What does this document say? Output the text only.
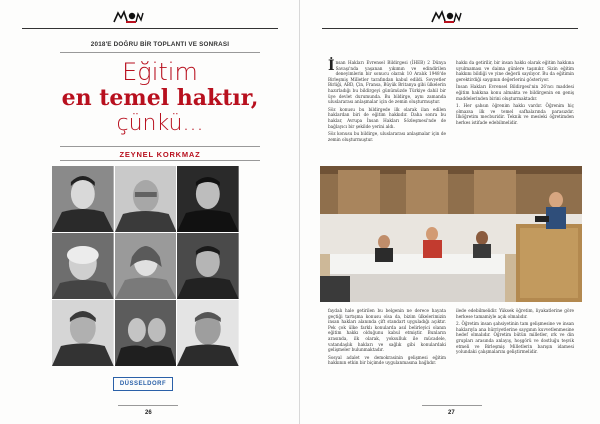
2018'E DOĞRU BİR TOPLANTI VE SONRASI
Eğitim
en temel haktır,
çünkü...
ZEYNEL KORKMAZ
DÜSSELDORF
26

İnsan Hakları Evrensel Bildirgesi (İHEB) 2 Dünya Savaşı'nda yaşanan yıkımın ve edindirilen deneyimlerin bir sonucu olarak 10 Aralık 1948'de Birleşmiş Milletler tarafından kabul edildi. Sovyetler Birliği, ABD, Çin, Fransa, Büyük Britanya gibi ülkelerin hazırladığı bu bildirgeyi günümüzde Türkiye dahil bir üye devlet durumunda. Bu bildirge, aynı zamanda uluslararası anlaşmalar için de zemin oluşturmuştur.

Söz konusu bu bildirgede ilk olarak ilan edilen haklardan biri de eğitim hakkıdır. Daha sonra bu haklar, Avrupa İnsan Hakları Sözleşmesi'nde de bağlayıcı bir şekilde yerini aldı.

Söz konusu bu bildirge, uluslararası anlaşmalar için de zemin oluşturmuştur.

hakkı da getirilir, bir insan hakkı olarak eğitim hakkına uyulmaması ve daima günlere taşınılır. Sizin eğitim hakkını bildiği ve yine değerli sayılıyor. Bu da eğitimin gerektirdiği saygının değerlerini gösteriyor.

İnsan Hakları Evrensel Bildirgesi'nin 26'ncı maddesi eğitim hakkına konu almakta ve bildirgenin en geniş maddelerinden birini oluşturmaktadır.

1. Her şahsın öğrenim hakkı vardır. Öğrenim hiç olmazsa ilk ve temel safhalarında parasızdır. İlköğretim mecburidir. Teknik ve mesleki öğretimden herkes istifade edebilmelidir.

faydalı hale getirilen bu belgenin ne derece hayata geçtiği tartışma konusu olsa da, bizim ülkelerimizin insan hakları alanında çift standart uyguladığı açıktır. Pek çok ülke farklı konularda asıl belirleyici olanın eğitim hakkı olduğunu kabul etmiştir. Bunların arasında, ilk olarak, yoksulluk ile mücadele, vatandaşlık hakları ve sağlık gibi konulardaki gelişmeler bulunmaktadır.

Sosyal adalet ve demokrasinin gelişmesi eğitim hakkının etkin bir biçimde uygulanmasına bağlıdır.

ilede edebilmelidir. Yüksek öğretim, liyakatlerine göre herkese tamamiyle açık olmalıdır.

2. Öğretim insan şahsiyetinin tam gelişmesine ve insan haklarıyla ana hürriyetlerine saygının kuvvetlenmesine hedef olmalıdır. Öğretim bütün milletler, ırk ve din grupları arasında anlayış, hoşgörü ve dostluğu teşvik etmeli ve Birleşmiş Milletlerin barışın idamesi yolundaki çalışmalarını geliştirmelidir.

27
